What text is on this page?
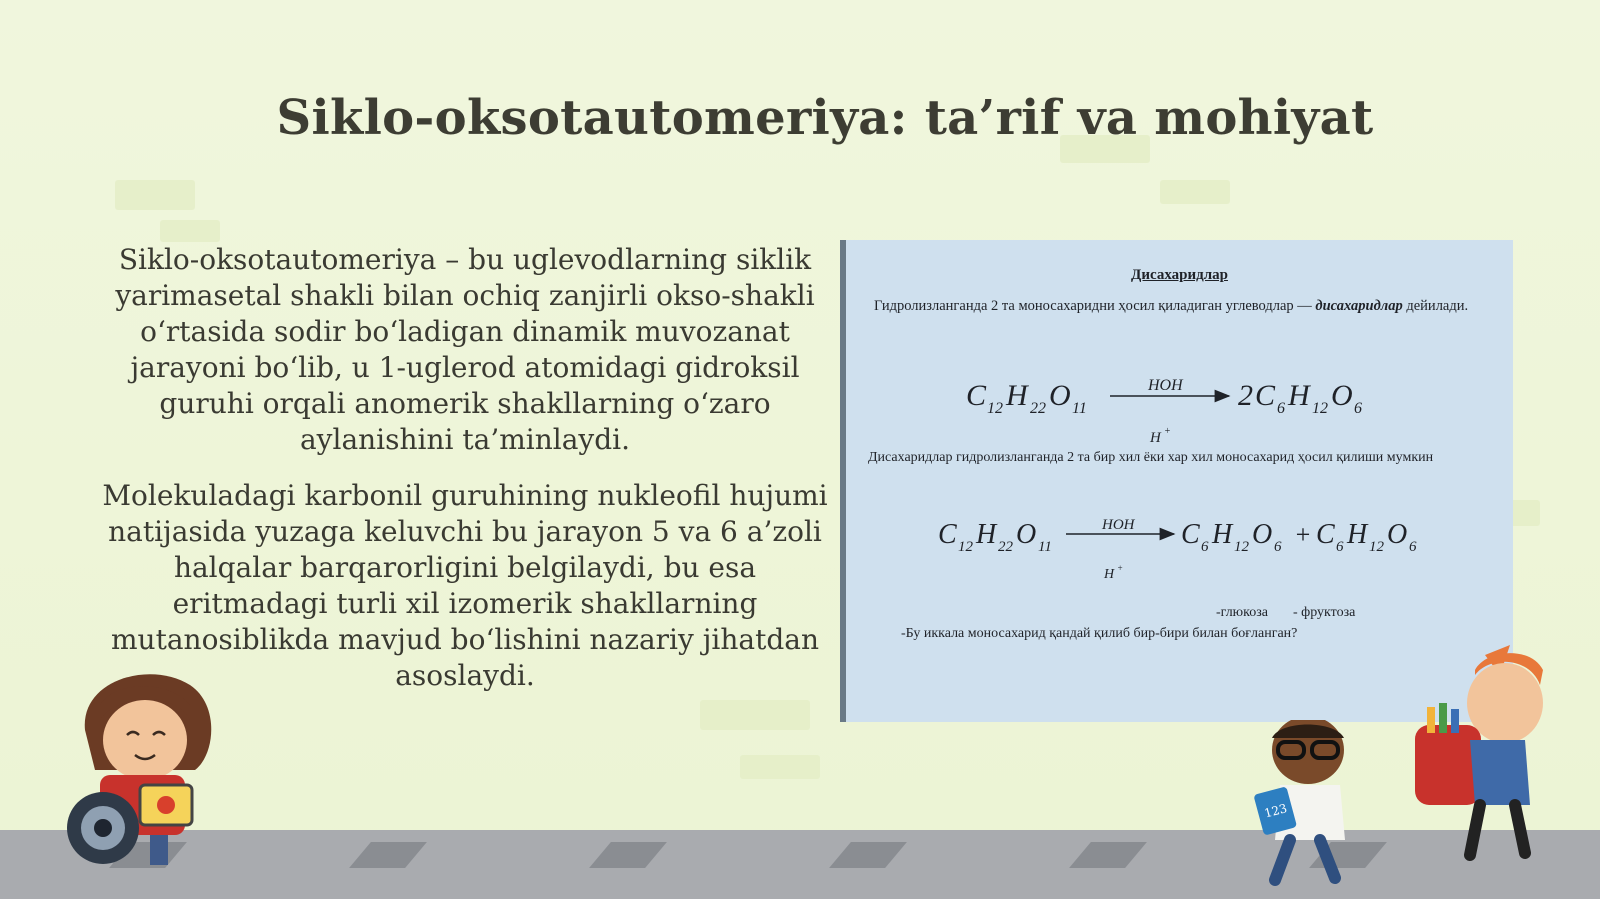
Siklo-oksotautomeriya: ta’rif va mohiyat

Siklo-oksotautomeriya – bu uglevodlarning siklik yarimasetal shakli bilan ochiq zanjirli okso-shakli o‘rtasida sodir bo‘ladigan dinamik muvozanat jarayoni bo‘lib, u 1-uglerod atomidagi gidroksil guruhi orqali anomerik shakllarning o‘zaro aylanishini ta’minlaydi.

Molekuladagi karbonil guruhining nukleofil hujumi natijasida yuzaga keluvchi bu jarayon 5 va 6 a’zoli halqalar barqarorligini belgilaydi, bu esa eritmadagi turli xil izomerik shakllarning mutanosiblikda mavjud bo‘lishini nazariy jihatdan asoslaydi.

Дисахаридлар
Гидролизланганда 2 та моносахаридни ҳосил қиладиган углеводлар — дисахаридлар дейилади.
C 12 H 22 O 11
HOH
H +
2 C 6 H 12 O 6
C 12 H 22 O 11
HOH
H +
C 6 H 12 O 6 + C 6 H 12 O 6
Дисахаридлар гидролизланганда 2 та бир хил ёки хар хил моносахарид ҳосил қилиши мумкин
-глюкоза - фруктоза
-Бу иккала моносахарид қандай қилиб бир-бири билан боғланган?
123
